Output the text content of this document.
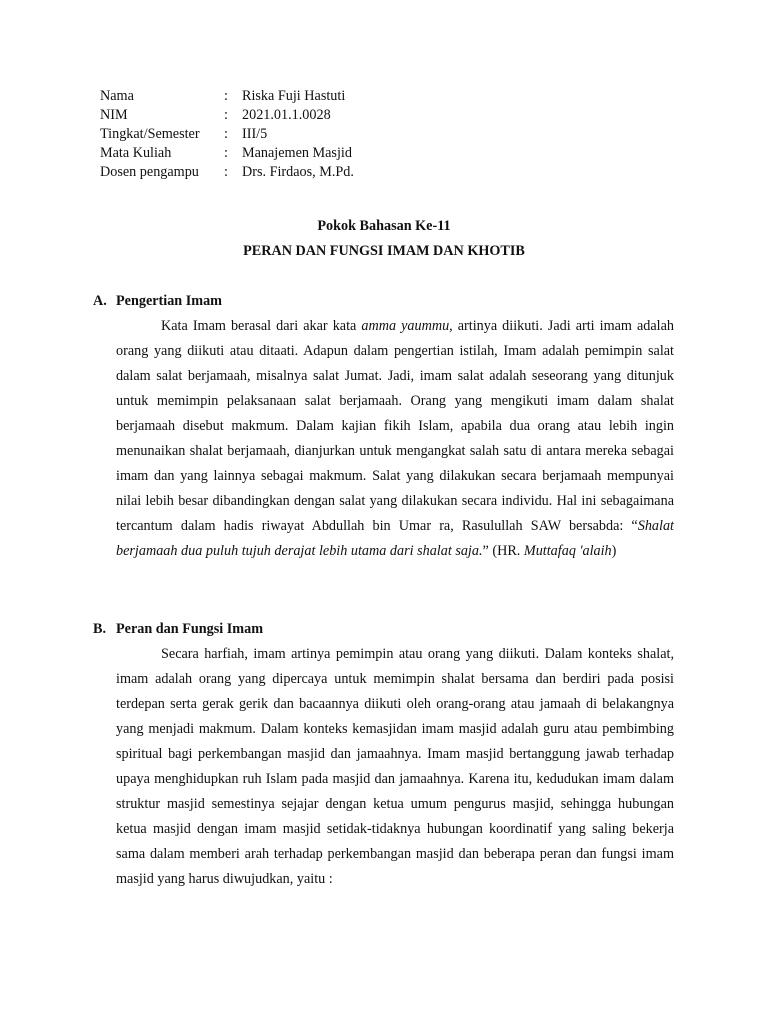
Nama	:	Riska Fuji Hastuti
NIM	:	2021.01.1.0028
Tingkat/Semester	:	III/5
Mata Kuliah	:	Manajemen Masjid
Dosen pengampu	:	Drs. Firdaos, M.Pd.
Pokok Bahasan Ke-11
PERAN DAN FUNGSI IMAM DAN KHOTIB
A. Pengertian Imam

Kata Imam berasal dari akar kata amma yaummu, artinya diikuti. Jadi arti imam adalah orang yang diikuti atau ditaati. Adapun dalam pengertian istilah, Imam adalah pemimpin salat dalam salat berjamaah, misalnya salat Jumat. Jadi, imam salat adalah seseorang yang ditunjuk untuk memimpin pelaksanaan salat berjamaah. Orang yang mengikuti imam dalam shalat berjamaah disebut makmum. Dalam kajian fikih Islam, apabila dua orang atau lebih ingin menunaikan shalat berjamaah, dianjurkan untuk mengangkat salah satu di antara mereka sebagai imam dan yang lainnya sebagai makmum. Salat yang dilakukan secara berjamaah mempunyai nilai lebih besar dibandingkan dengan salat yang dilakukan secara individu. Hal ini sebagaimana tercantum dalam hadis riwayat Abdullah bin Umar ra, Rasulullah SAW bersabda: “Shalat berjamaah dua puluh tujuh derajat lebih utama dari shalat saja.” (HR. Muttafaq 'alaih)

B. Peran dan Fungsi Imam

Secara harfiah, imam artinya pemimpin atau orang yang diikuti. Dalam konteks shalat, imam adalah orang yang dipercaya untuk memimpin shalat bersama dan berdiri pada posisi terdepan serta gerak gerik dan bacaannya diikuti oleh orang-orang atau jamaah di belakangnya yang menjadi makmum. Dalam konteks kemasjidan imam masjid adalah guru atau pembimbing spiritual bagi perkembangan masjid dan jamaahnya. Imam masjid bertanggung jawab terhadap upaya menghidupkan ruh Islam pada masjid dan jamaahnya. Karena itu, kedudukan imam dalam struktur masjid semestinya sejajar dengan ketua umum pengurus masjid, sehingga hubungan ketua masjid dengan imam masjid setidak-tidaknya hubungan koordinatif yang saling bekerja sama dalam memberi arah terhadap perkembangan masjid dan beberapa peran dan fungsi imam masjid yang harus diwujudkan, yaitu :
